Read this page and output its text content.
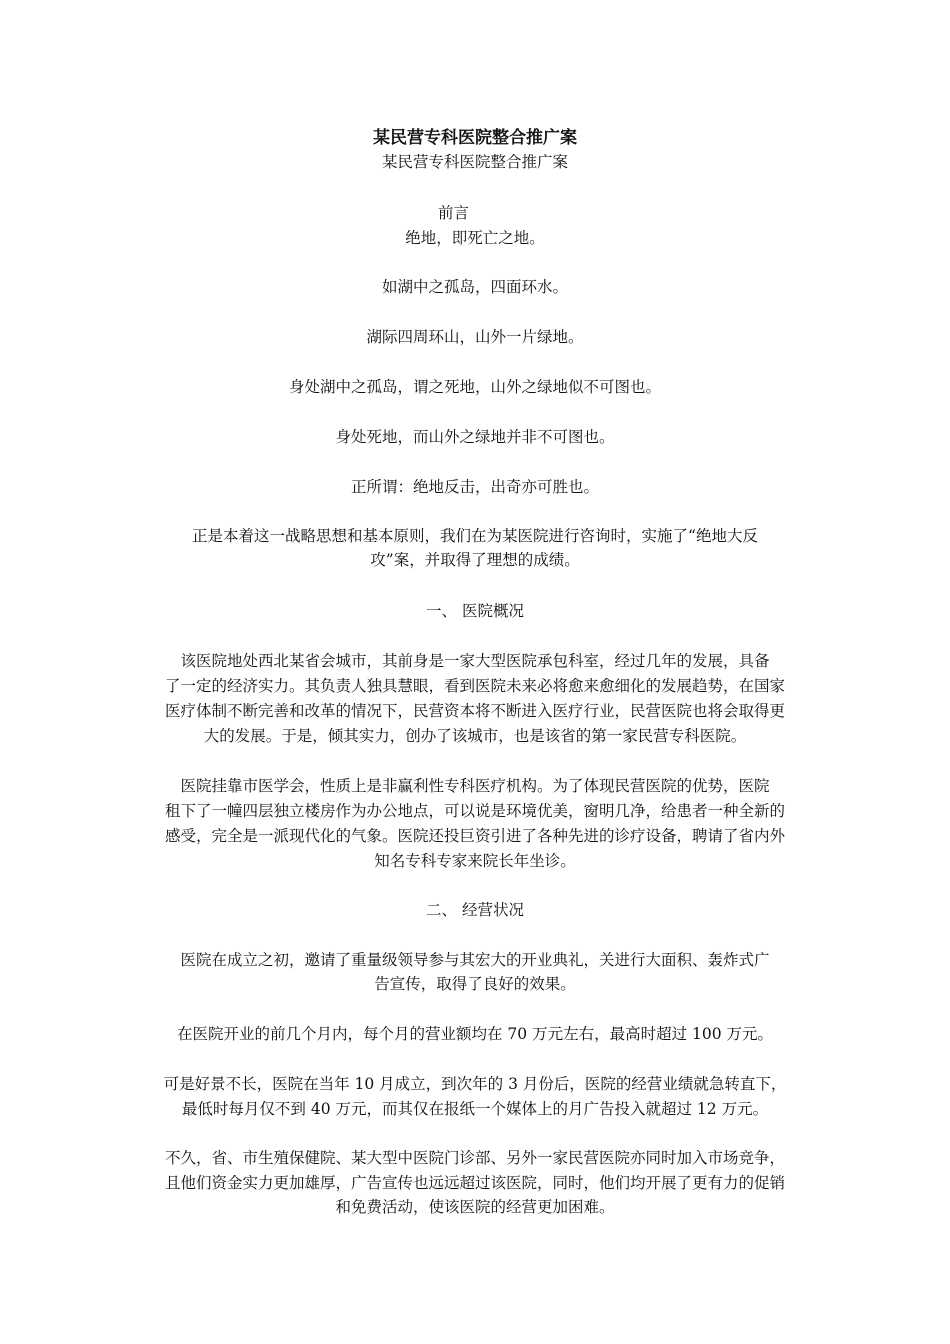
某民营专科医院整合推广案
某民营专科医院整合推广案
前言
绝地，即死亡之地。
如湖中之孤岛，四面环水。
湖际四周环山，山外一片绿地。
身处湖中之孤岛，谓之死地，山外之绿地似不可图也。
身处死地，而山外之绿地并非不可图也。
正所谓：绝地反击，出奇亦可胜也。
正是本着这一战略思想和基本原则，我们在为某医院进行咨询时，实施了“绝地大反
攻”案，并取得了理想的成绩。
一、 医院概况
该医院地处西北某省会城市，其前身是一家大型医院承包科室，经过几年的发展，具备
了一定的经济实力。其负责人独具慧眼，看到医院未来必将愈来愈细化的发展趋势，在国家
医疗体制不断完善和改革的情况下，民营资本将不断进入医疗行业，民营医院也将会取得更
大的发展。于是，倾其实力，创办了该城市，也是该省的第一家民营专科医院。
医院挂靠市医学会，性质上是非赢利性专科医疗机构。为了体现民营医院的优势，医院
租下了一幢四层独立楼房作为办公地点，可以说是环境优美，窗明几净，给患者一种全新的
感受，完全是一派现代化的气象。医院还投巨资引进了各种先进的诊疗设备，聘请了省内外
知名专科专家来院长年坐诊。
二、 经营状况
医院在成立之初，邀请了重量级领导参与其宏大的开业典礼，关进行大面积、轰炸式广
告宣传，取得了良好的效果。
在医院开业的前几个月内，每个月的营业额均在 70 万元左右，最高时超过 100 万元。
可是好景不长，医院在当年 10 月成立，到次年的 3 月份后，医院的经营业绩就急转直下，
最低时每月仅不到 40 万元，而其仅在报纸一个媒体上的月广告投入就超过 12 万元。
不久，省、市生殖保健院、某大型中医院门诊部、另外一家民营医院亦同时加入市场竞争，
且他们资金实力更加雄厚，广告宣传也远远超过该医院，同时，他们均开展了更有力的促销
和免费活动，使该医院的经营更加困难。
